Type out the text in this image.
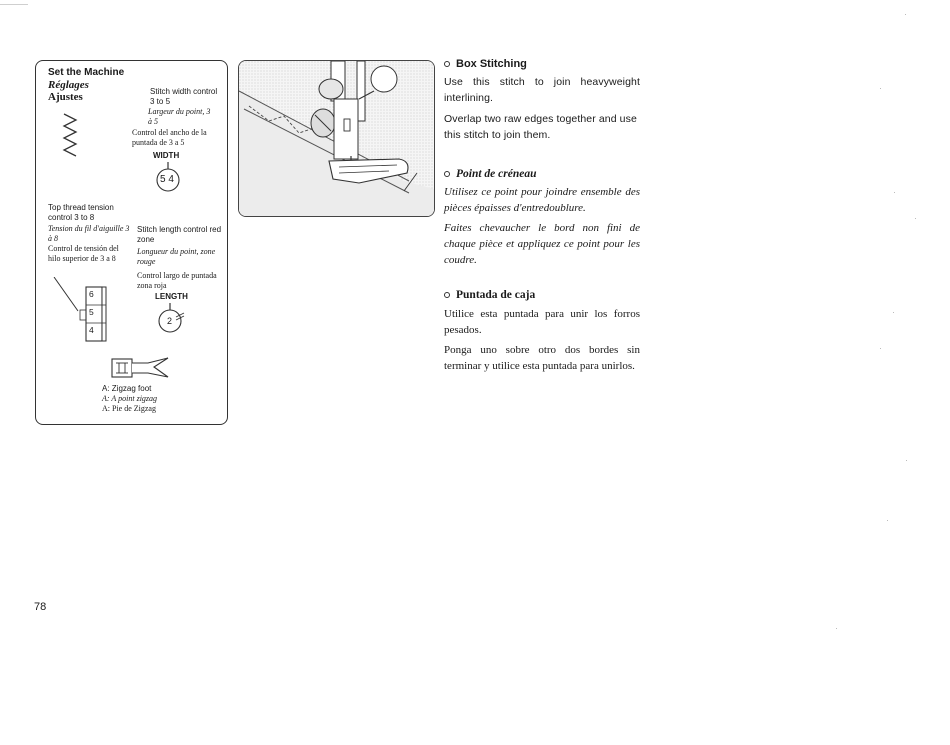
Set the Machine
Réglages
Ajustes	Stitch width control 3 to 5
Largeur du point, 3 à 5
Control del ancho de la puntada de 3 a 5
WIDTH
5 4
Top thread tension control 3 to 8
Tension du fil d'aiguille 3 à 8
Control de tensión del hilo superior de 3 a 8
6
5
4
Stitch length control red zone
Longueur du point, zone rouge
Control largo de puntada zona roja
LENGTH
2
A: Zigzag foot
A: A point zigzag
A: Pie de Zigzag
Box Stitching
Use this stitch to join heavyweight interlining.
Overlap two raw edges together and use this stitch to join them.
Point de créneau
Utilisez ce point pour joindre ensemble des pièces épaisses d'entredoublure.
Faites chevaucher le bord non fini de chaque pièce et appliquez ce point pour les coudre.
Puntada de caja
Utilice esta puntada para unir los forros pesados.
Ponga uno sobre otro dos bordes sin terminar y utilice esta puntada para unirlos.
78
